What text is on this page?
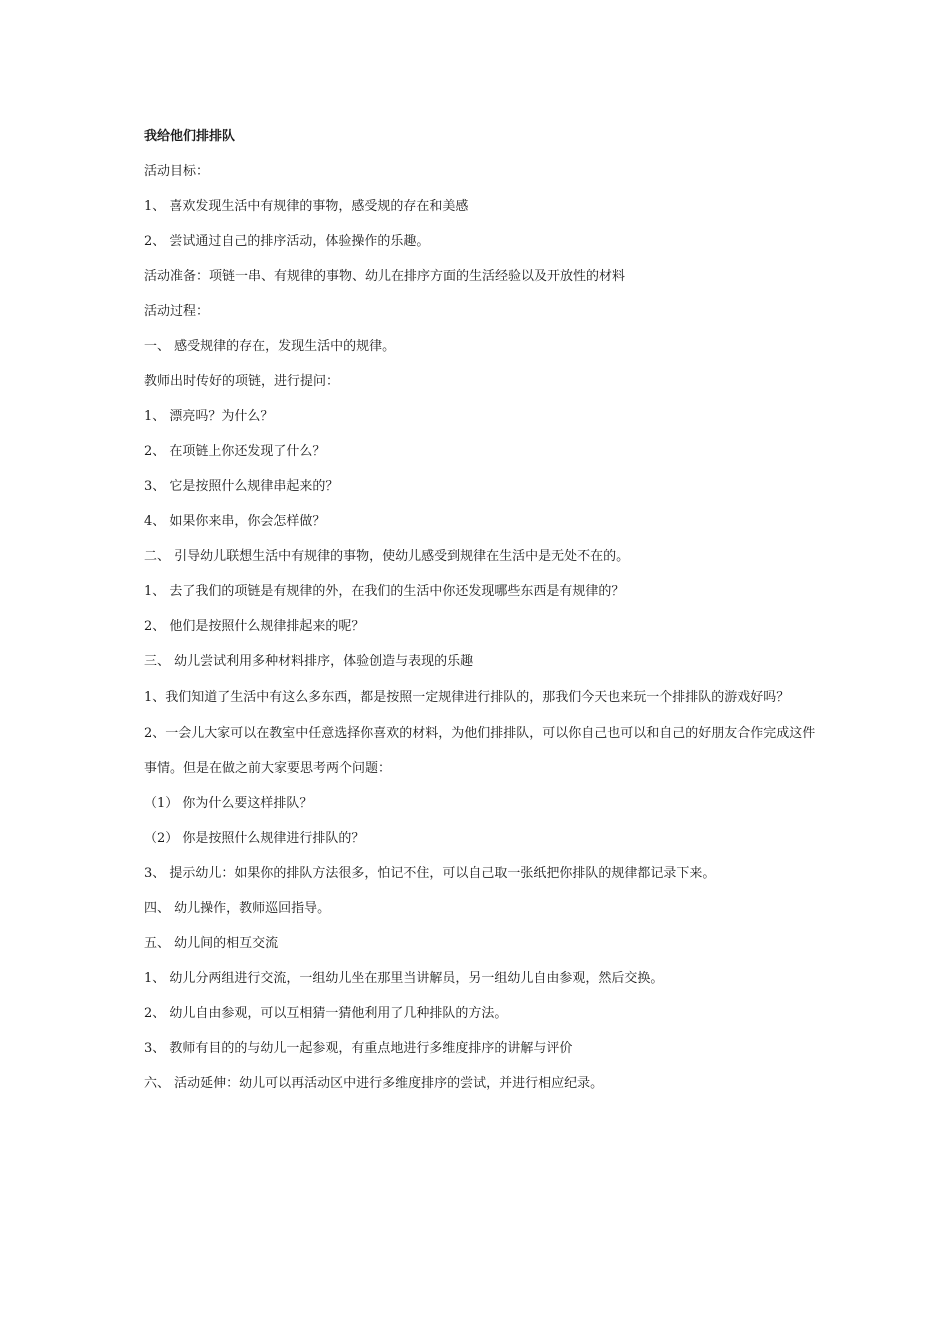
我给他们排排队
活动目标：
1、 喜欢发现生活中有规律的事物，感受规的存在和美感
2、 尝试通过自己的排序活动，体验操作的乐趣。
活动准备：项链一串、有规律的事物、幼儿在排序方面的生活经验以及开放性的材料
活动过程：
一、 感受规律的存在，发现生活中的规律。
教师出时传好的项链，进行提问：
1、 漂亮吗？为什么？
2、 在项链上你还发现了什么？
3、 它是按照什么规律串起来的？
4、 如果你来串，你会怎样做？
二、 引导幼儿联想生活中有规律的事物，使幼儿感受到规律在生活中是无处不在的。
1、 去了我们的项链是有规律的外，在我们的生活中你还发现哪些东西是有规律的？
2、 他们是按照什么规律排起来的呢？
三、 幼儿尝试利用多种材料排序，体验创造与表现的乐趣
1、我们知道了生活中有这么多东西，都是按照一定规律进行排队的，那我们今天也来玩一个排排队的游戏好吗？
2、一会儿大家可以在教室中任意选择你喜欢的材料，为他们排排队，可以你自己也可以和自己的好朋友合作完成这件事情。但是在做之前大家要思考两个问题：
（1） 你为什么要这样排队？
（2） 你是按照什么规律进行排队的？
3、 提示幼儿：如果你的排队方法很多，怕记不住，可以自己取一张纸把你排队的规律都记录下来。
四、 幼儿操作，教师巡回指导。
五、 幼儿间的相互交流
1、 幼儿分两组进行交流，一组幼儿坐在那里当讲解员，另一组幼儿自由参观，然后交换。
2、 幼儿自由参观，可以互相猜一猜他利用了几种排队的方法。
3、 教师有目的的与幼儿一起参观，有重点地进行多维度排序的讲解与评价
六、 活动延伸：幼儿可以再活动区中进行多维度排序的尝试，并进行相应纪录。
